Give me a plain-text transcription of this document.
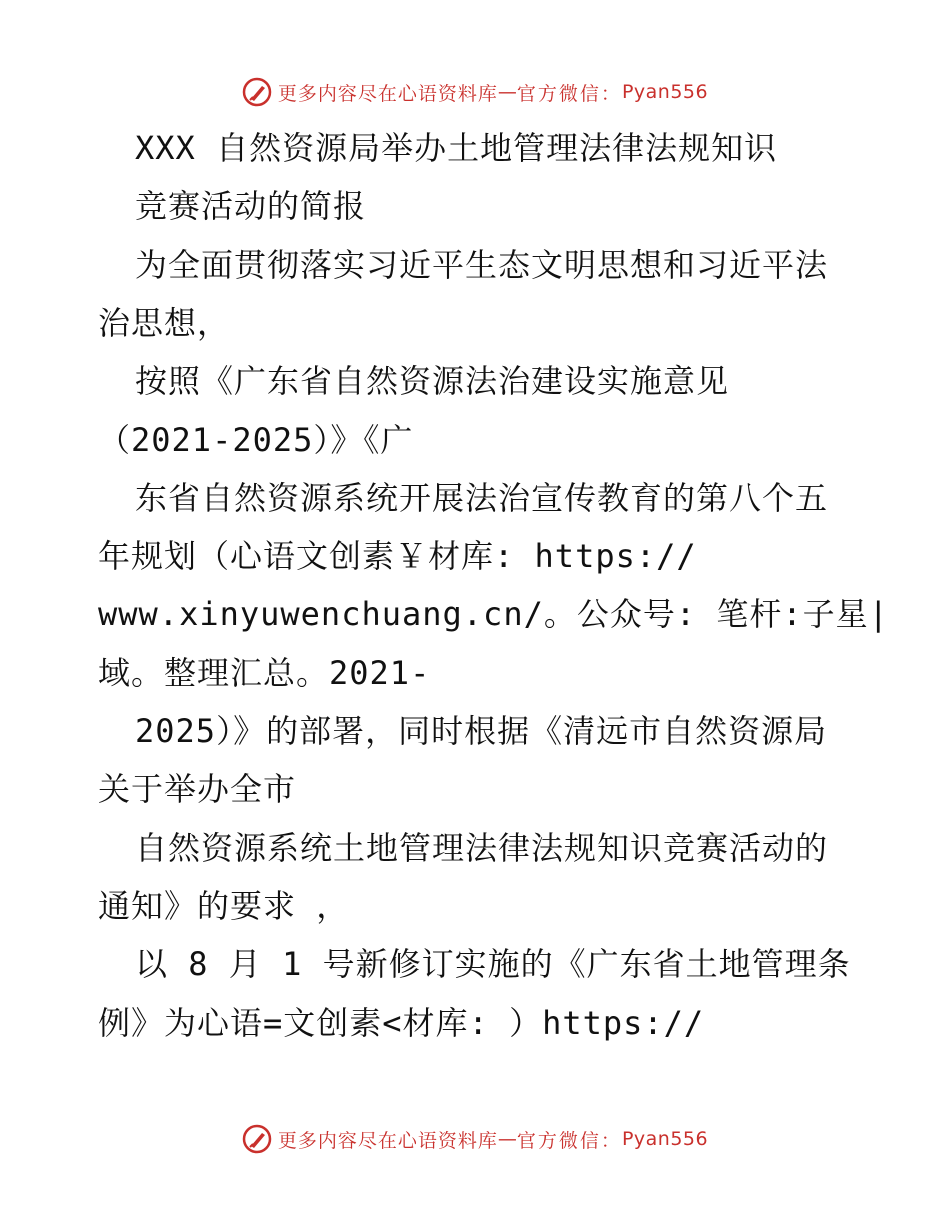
更多内容尽在心语资料库 — 官方微信： Pyan556
XXX 自然资源局举办土地管理法律法规知识
竞赛活动的简报
为全面贯彻落实习近平生态文明思想和习近平法
治思想，
按照《广东省自然资源法治建设实施意见
（2021-2025）》《广
东省自然资源系统开展法治宣传教育的第八个五
年规划（心语文创素￥材库: https://
www.xinyuwenchuang.cn/。公众号: 笔杆:子星|
域。整理汇总。2021-
2025）》的部署，同时根据《清远市自然资源局
关于举办全市
自然资源系统土地管理法律法规知识竞赛活动的
通知》的要求 ，
以 8 月 1 号新修订实施的《广东省土地管理条
例》为心语=文创素<材库: ）https://
更多内容尽在心语资料库 — 官方微信： Pyan556
